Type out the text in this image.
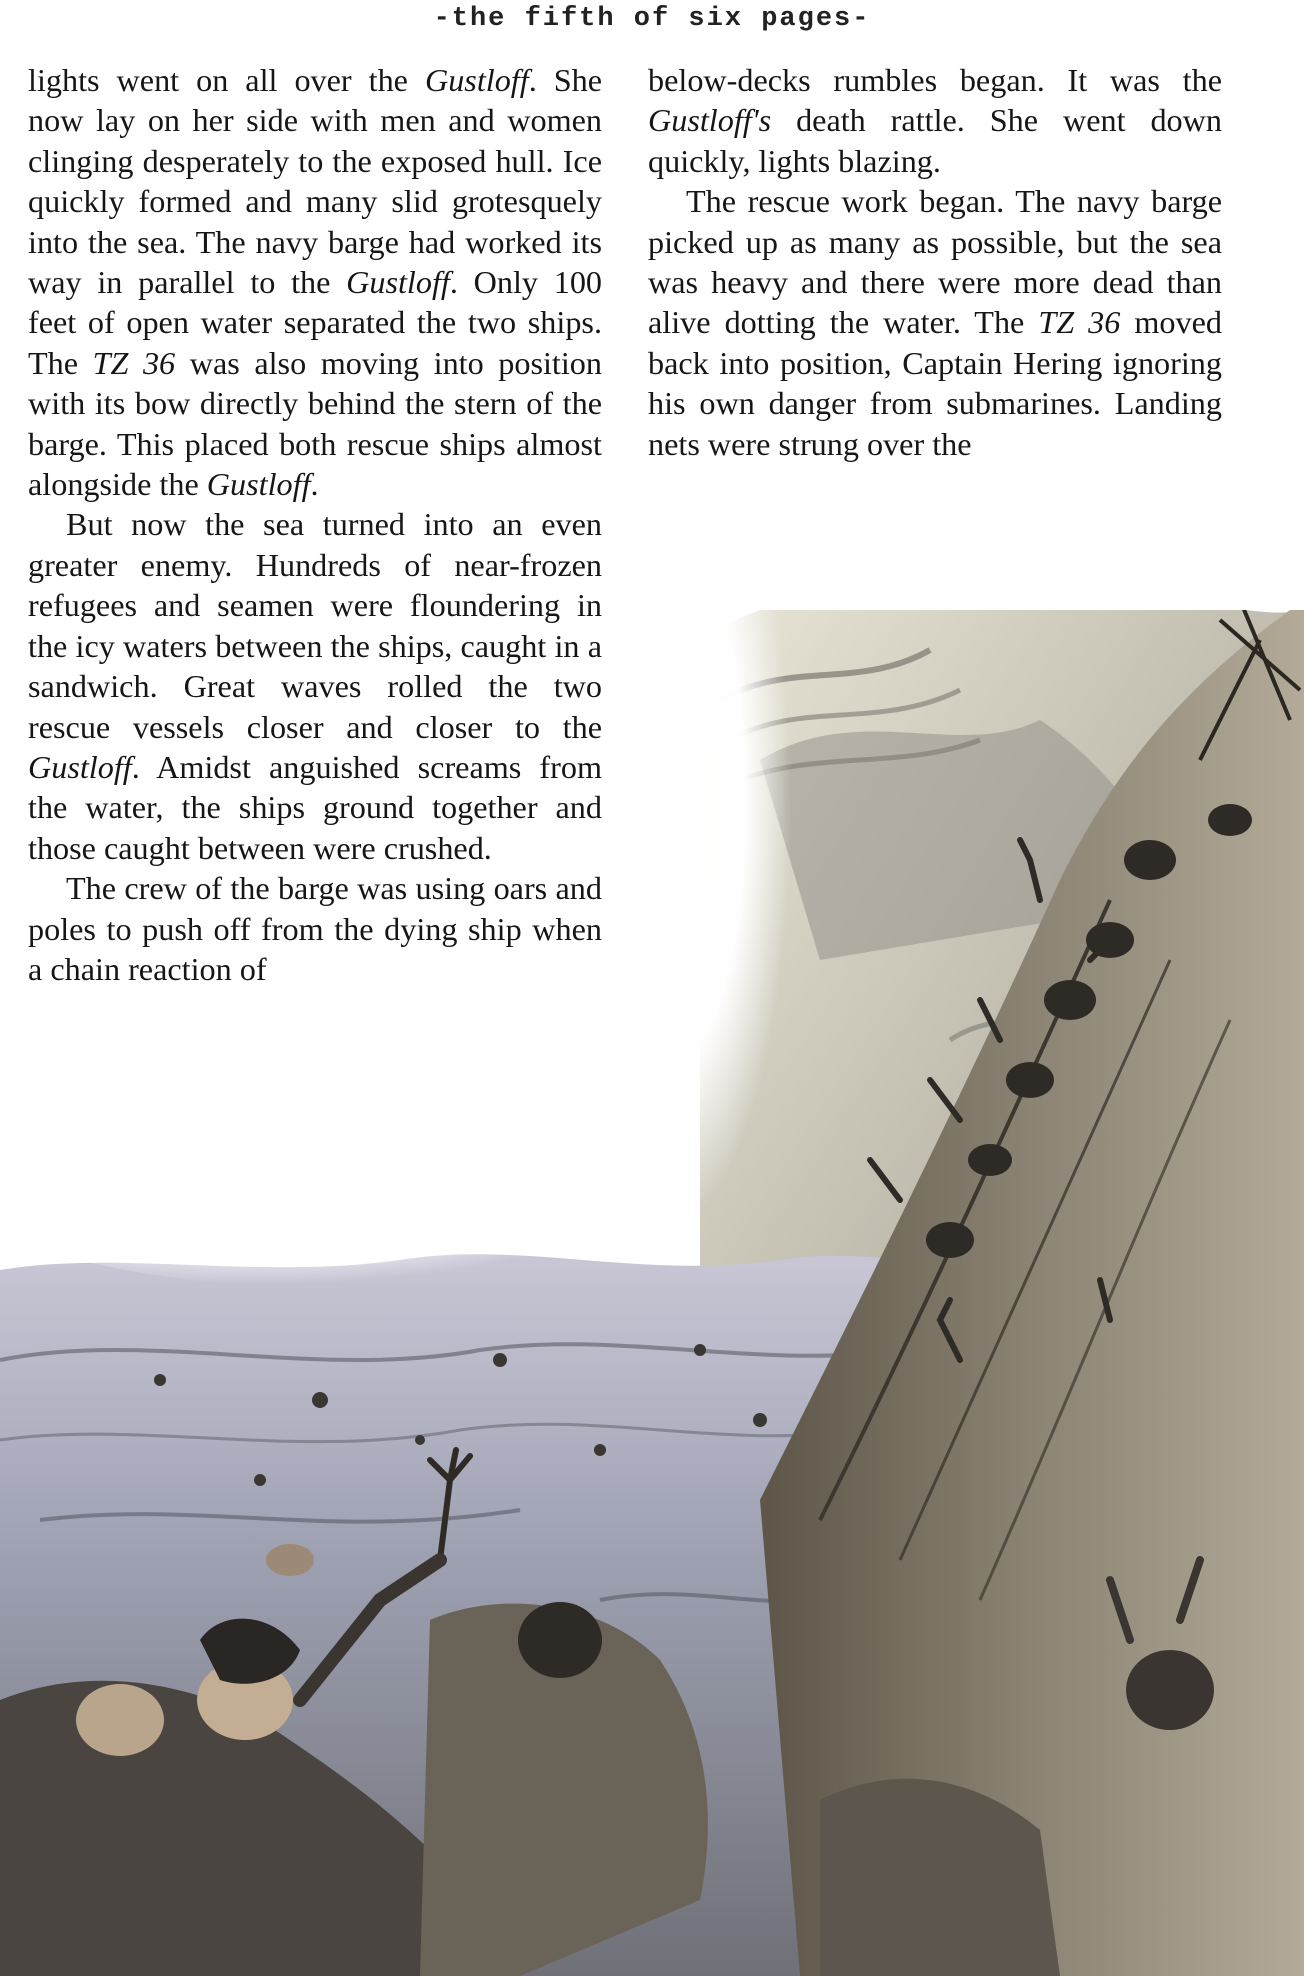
-the fifth of six pages-

lights went on all over the Gustloff. She now lay on her side with men and women clinging desperately to the exposed hull. Ice quickly formed and many slid grotesquely into the sea. The navy barge had worked its way in parallel to the Gustloff. Only 100 feet of open water separated the two ships. The TZ 36 was also moving into position with its bow directly behind the stern of the barge. This placed both rescue ships almost alongside the Gustloff.

But now the sea turned into an even greater enemy. Hundreds of near-frozen refugees and seamen were floundering in the icy waters between the ships, caught in a sandwich. Great waves rolled the two rescue vessels closer and closer to the Gustloff. Amidst anguished screams from the water, the ships ground together and those caught between were crushed.

The crew of the barge was using oars and poles to push off from the dying ship when a chain reaction of

below-decks rumbles began. It was the Gustloff's death rattle. She went down quickly, lights blazing.

The rescue work began. The navy barge picked up as many as possible, but the sea was heavy and there were more dead than alive dotting the water. The TZ 36 moved back into position, Captain Hering ignoring his own danger from submarines. Landing nets were strung over the
